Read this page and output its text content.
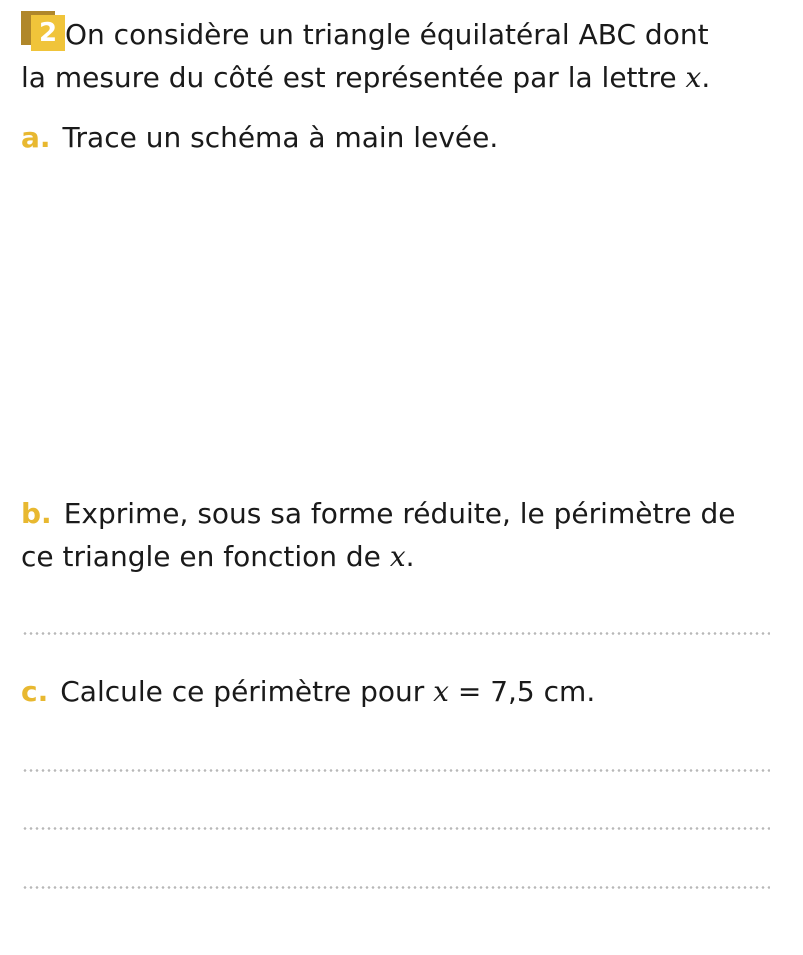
2 On considère un triangle équilatéral ABC dont
la mesure du côté est représentée par la lettre x.

a. Trace un schéma à main levée.

b. Exprime, sous sa forme réduite, le périmètre de
ce triangle en fonction de x.

c. Calcule ce périmètre pour x = 7,5 cm.
